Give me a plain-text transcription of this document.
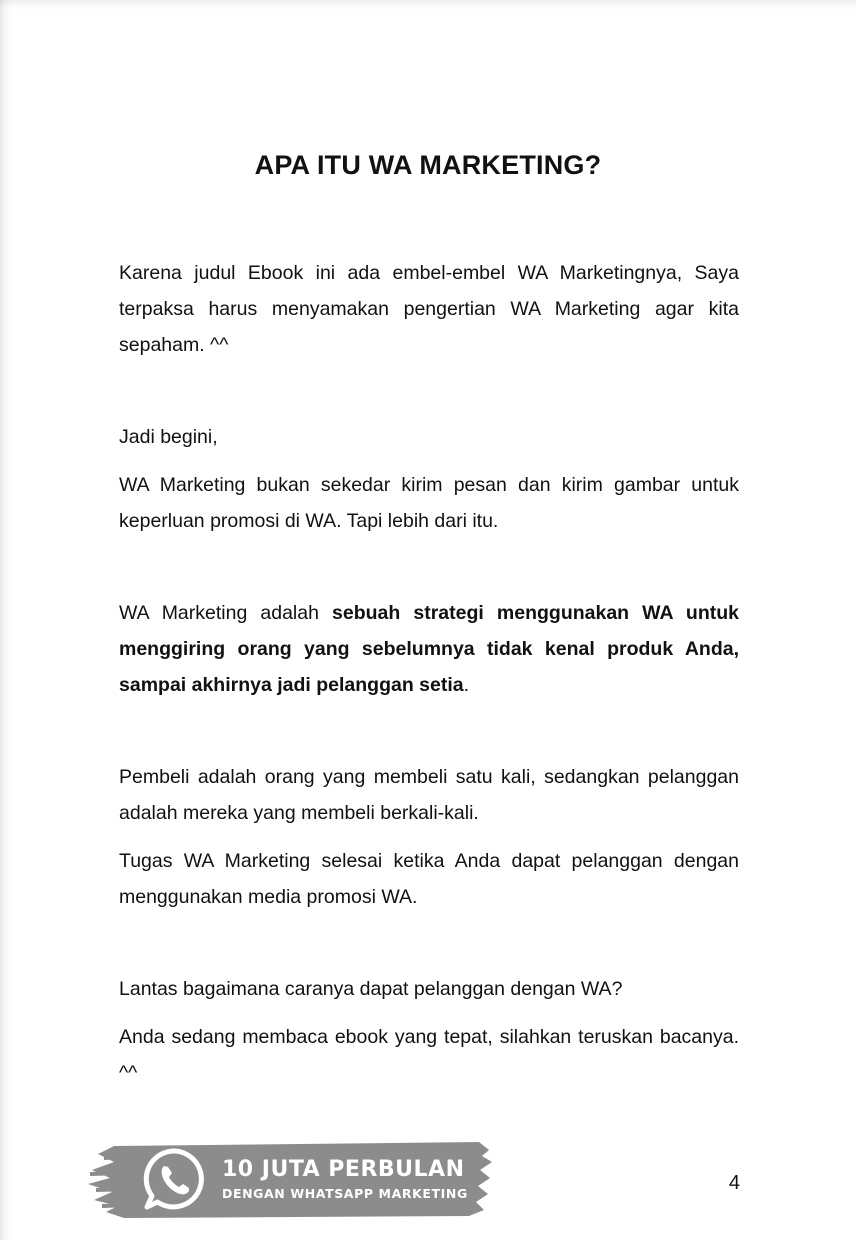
APA ITU WA MARKETING?

Karena judul Ebook ini ada embel-embel WA Marketingnya, Saya terpaksa harus menyamakan pengertian WA Marketing agar kita sepaham. ^^

Jadi begini,

WA Marketing bukan sekedar kirim pesan dan kirim gambar untuk keperluan promosi di WA. Tapi lebih dari itu.

WA Marketing adalah sebuah strategi menggunakan WA untuk menggiring orang yang sebelumnya tidak kenal produk Anda, sampai akhirnya jadi pelanggan setia.

Pembeli adalah orang yang membeli satu kali, sedangkan pelanggan adalah mereka yang membeli berkali-kali.

Tugas WA Marketing selesai ketika Anda dapat pelanggan dengan menggunakan media promosi WA.

Lantas bagaimana caranya dapat pelanggan dengan WA?

Anda sedang membaca ebook yang tepat, silahkan teruskan bacanya. ^^

10 JUTA PERBULAN
DENGAN WHATSAPP MARKETING	4
